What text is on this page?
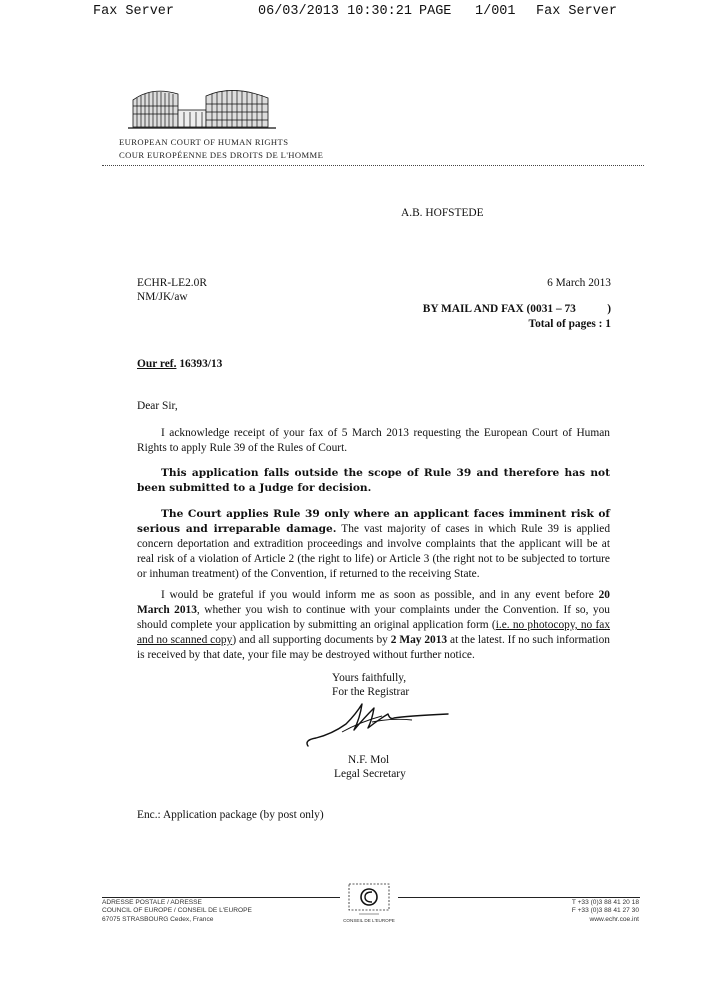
Fax Server

	06/03/2013 10:30:21

PAGE

1/001

Fax Server

EUROPEAN COURT OF HUMAN RIGHTS
COUR EUROPÉENNE DES DROITS DE L'HOMME
A.B. HOFSTEDE
ECHR-LE2.0R
NM/JK/aw
6 March 2013
BY MAIL AND FAX (0031 – 73           )
Total of pages : 1
Our ref. 16393/13
Dear Sir,
I acknowledge receipt of your fax of 5 March 2013 requesting the European Court of Human Rights to apply Rule 39 of the Rules of Court.
This application falls outside the scope of Rule 39 and therefore has not been submitted to a Judge for decision.
The Court applies Rule 39 only where an applicant faces imminent risk of serious and irreparable damage. The vast majority of cases in which Rule 39 is applied concern deportation and extradition proceedings and involve complaints that the applicant will be at real risk of a violation of Article 2 (the right to life) or Article 3 (the right not to be subjected to torture or inhuman treatment) of the Convention, if returned to the receiving State.
I would be grateful if you would inform me as soon as possible, and in any event before 20 March 2013, whether you wish to continue with your complaints under the Convention. If so, you should complete your application by submitting an original application form (i.e. no photocopy, no fax and no scanned copy) and all supporting documents by 2 May 2013 at the latest. If no such information is received by that date, your file may be destroyed without further notice.
Yours faithfully,
For the Registrar
N.F. Mol
Legal Secretary
Enc.: Application package (by post only)
ADRESSE POSTALE / ADRESSE
COUNCIL OF EUROPE / CONSEIL DE L'EUROPE
67075 STRASBOURG Cedex, France	CONSEIL DE L'EUROPE
T +33 (0)3 88 41 20 18
F +33 (0)3 88 41 27 30
www.echr.coe.int
